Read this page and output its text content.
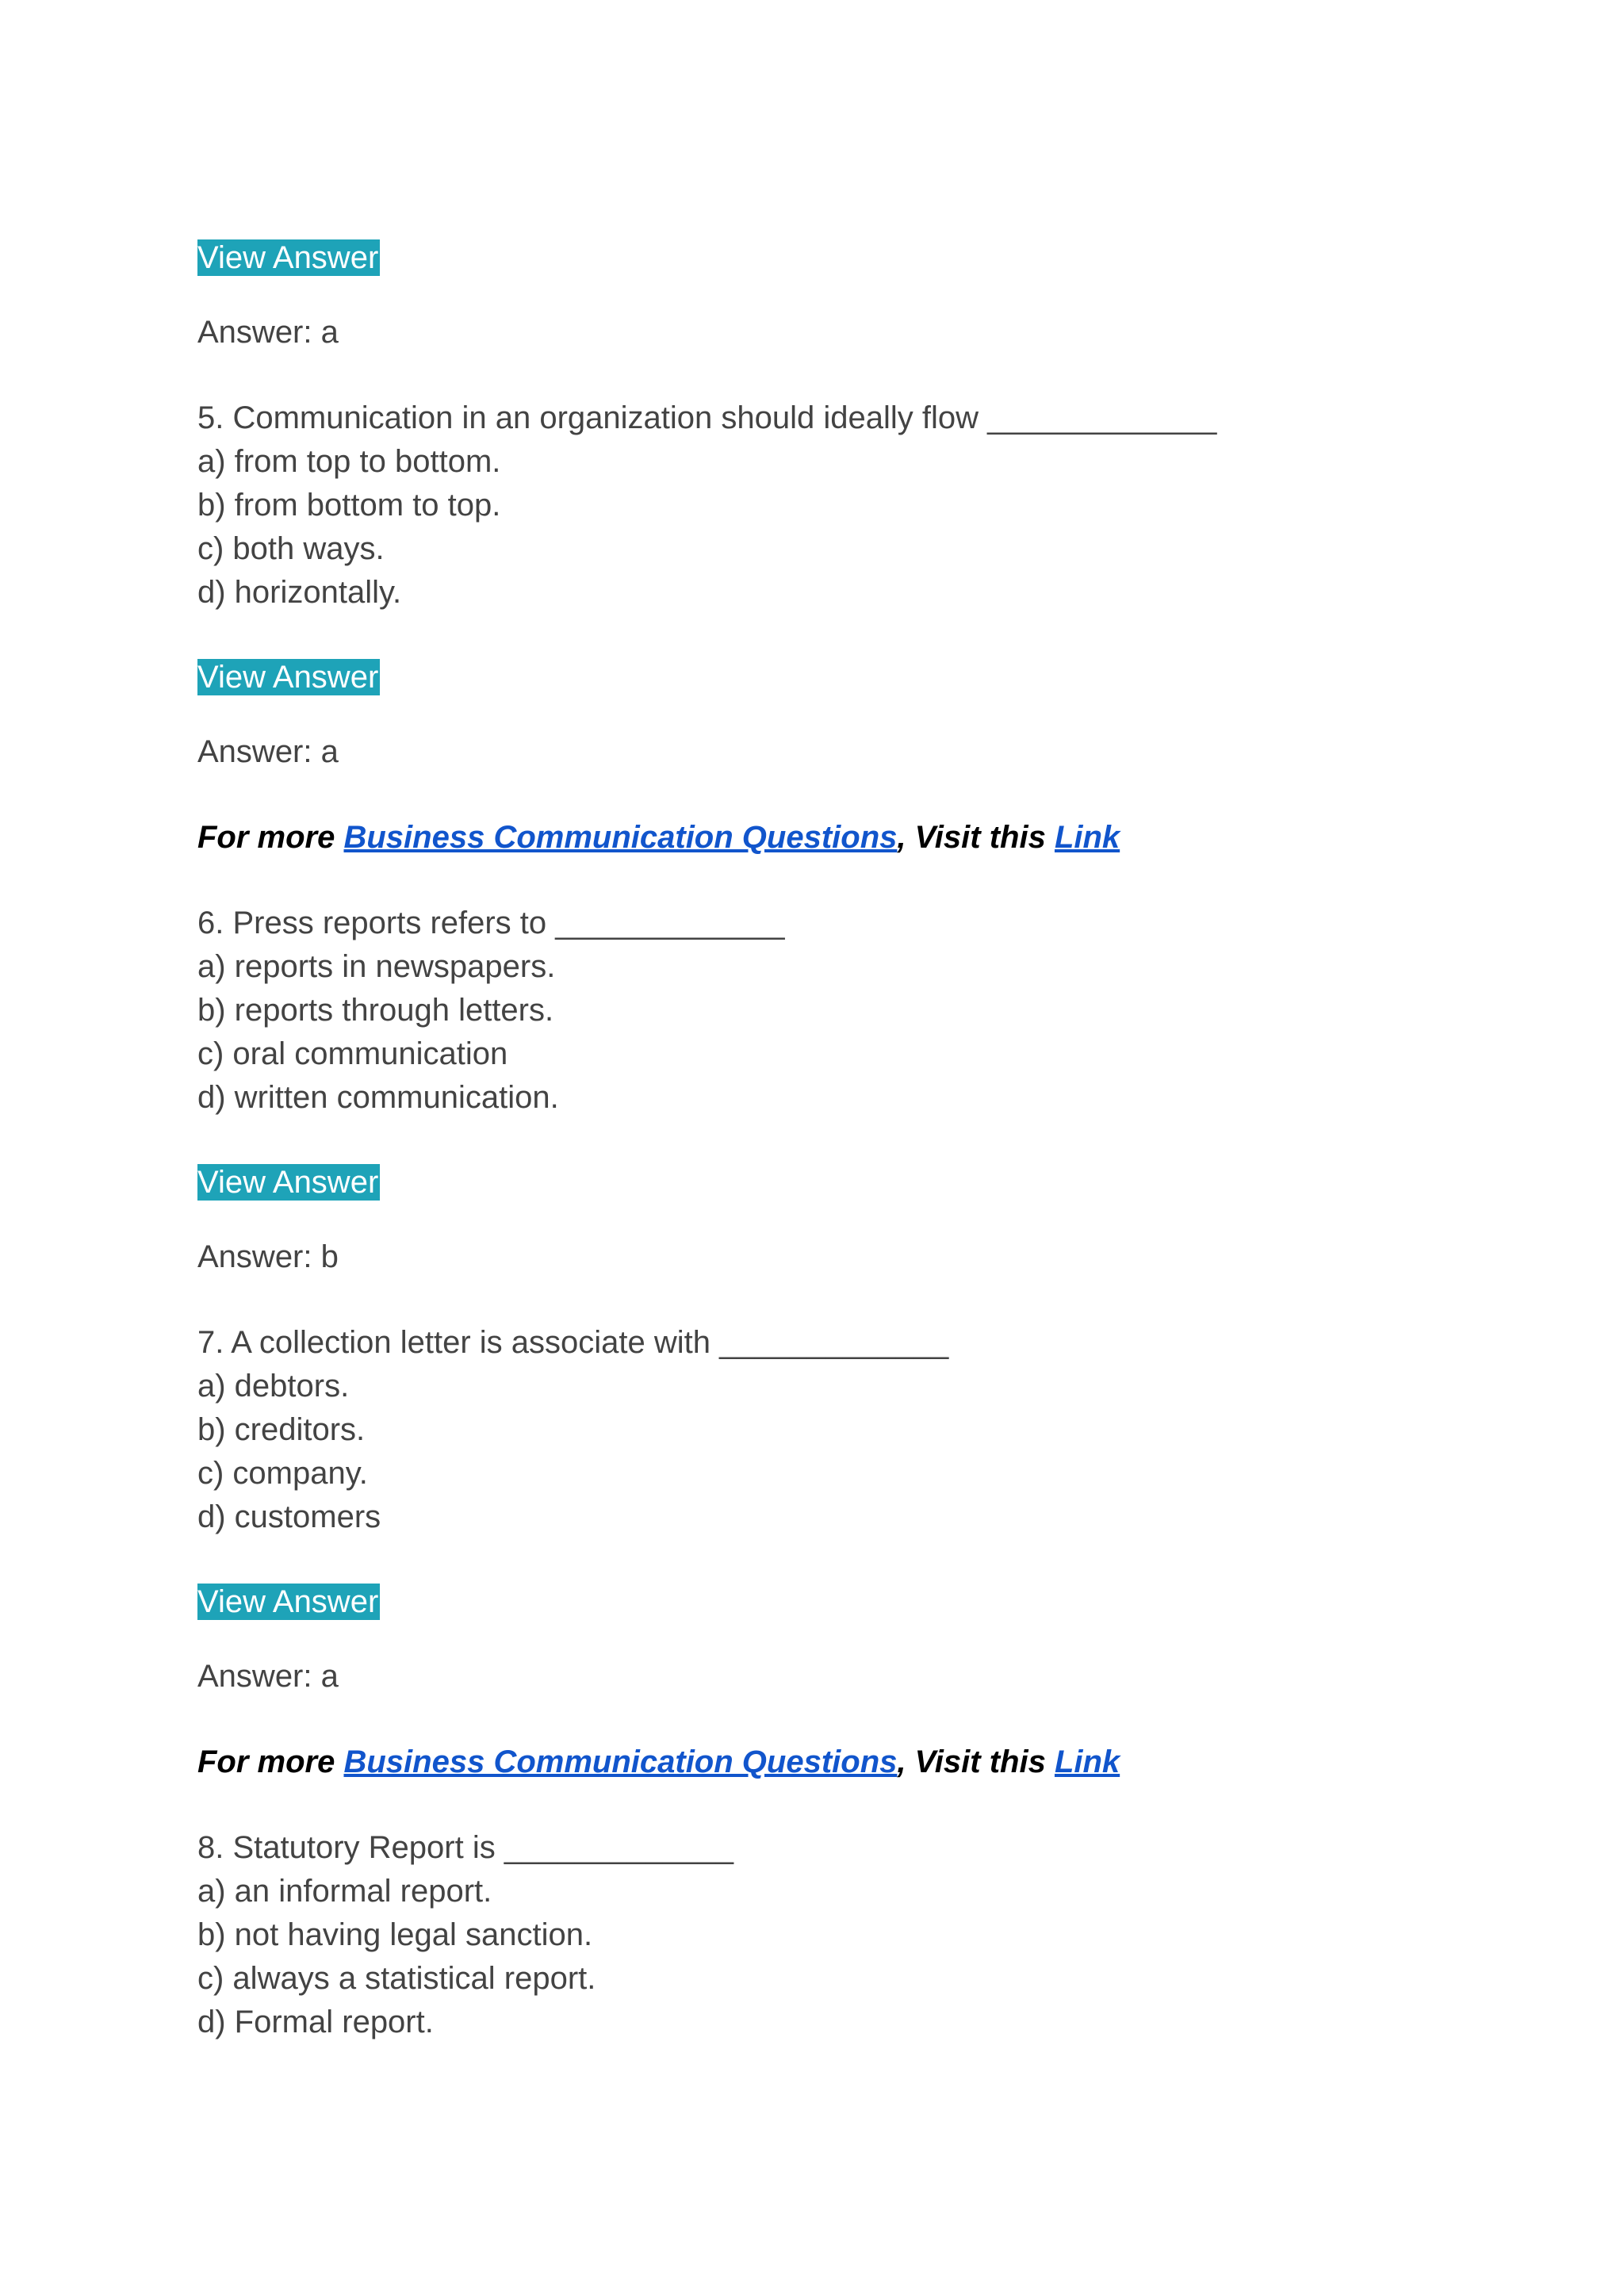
View Answer

Answer: a

5. Communication in an organization should ideally flow _____________

a) from top to bottom.

b) from bottom to top.

c) both ways.

d) horizontally.

View Answer

Answer: a

For more Business Communication Questions, Visit this Link

6. Press reports refers to _____________

a) reports in newspapers.

b) reports through letters.

c) oral communication

d) written communication.

View Answer

Answer: b

7. A collection letter is associate with _____________

a) debtors.

b) creditors.

c) company.

d) customers

View Answer

Answer: a

For more Business Communication Questions, Visit this Link

8. Statutory Report is _____________

a) an informal report.

b) not having legal sanction.

c) always a statistical report.

d) Formal report.
